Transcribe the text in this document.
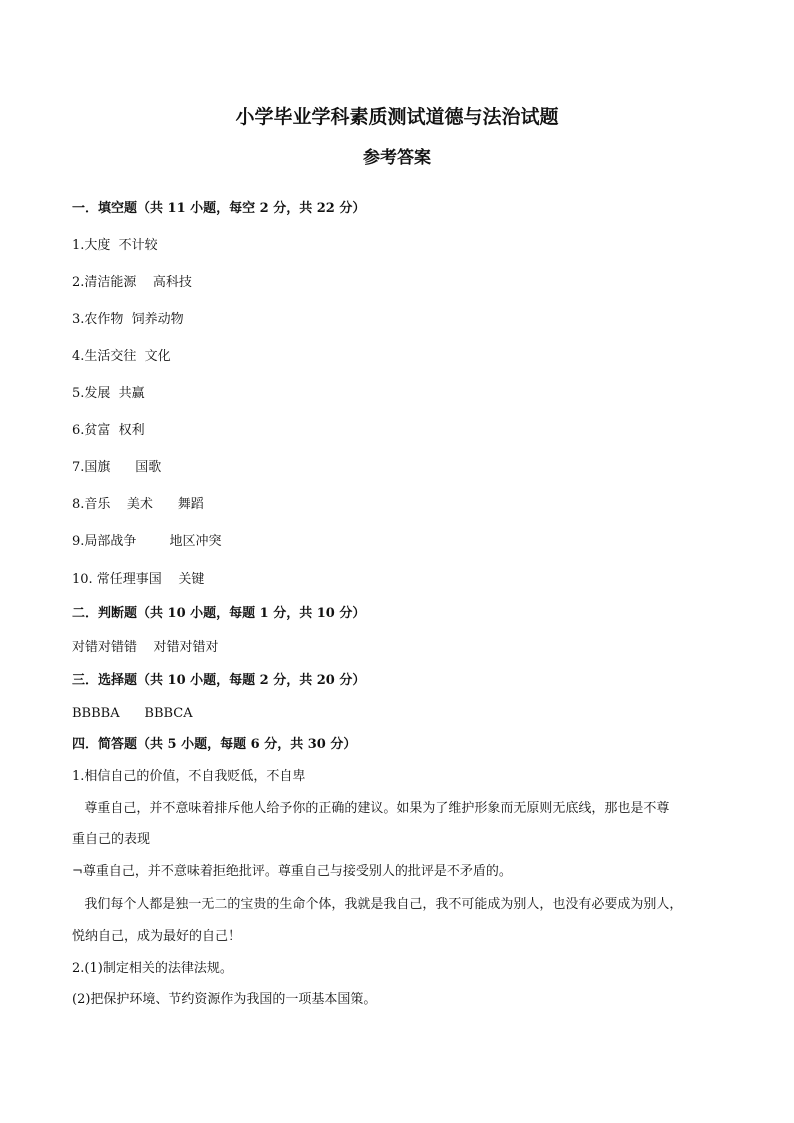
小学毕业学科素质测试道德与法治试题
参考答案
一．填空题（共 11 小题，每空 2 分，共 22 分）
1.大度  不计较
2.清洁能源    高科技
3.农作物  饲养动物
4.生活交往  文化
5.发展  共赢
6.贫富  权利
7.国旗      国歌
8.音乐    美术      舞蹈
9.局部战争        地区冲突
10. 常任理事国    关键
二．判断题（共 10 小题，每题 1 分，共 10 分）
对错对错错    对错对错对
三．选择题（共 10 小题，每题 2 分，共 20 分）
BBBBA      BBBCA
四．简答题（共 5 小题，每题 6 分，共 30 分）
1.相信自己的价值，不自我贬低，不自卑
尊重自己，并不意味着排斥他人给予你的正确的建议。如果为了维护形象而无原则无底线，那也是不尊
重自己的表现
¬尊重自己，并不意味着拒绝批评。尊重自己与接受别人的批评是不矛盾的。
我们每个人都是独一无二的宝贵的生命个体，我就是我自己，我不可能成为别人，也没有必要成为别人，
悦纳自己，成为最好的自己！
2.(1)制定相关的法律法规。
(2)把保护环境、节约资源作为我国的一项基本国策。
